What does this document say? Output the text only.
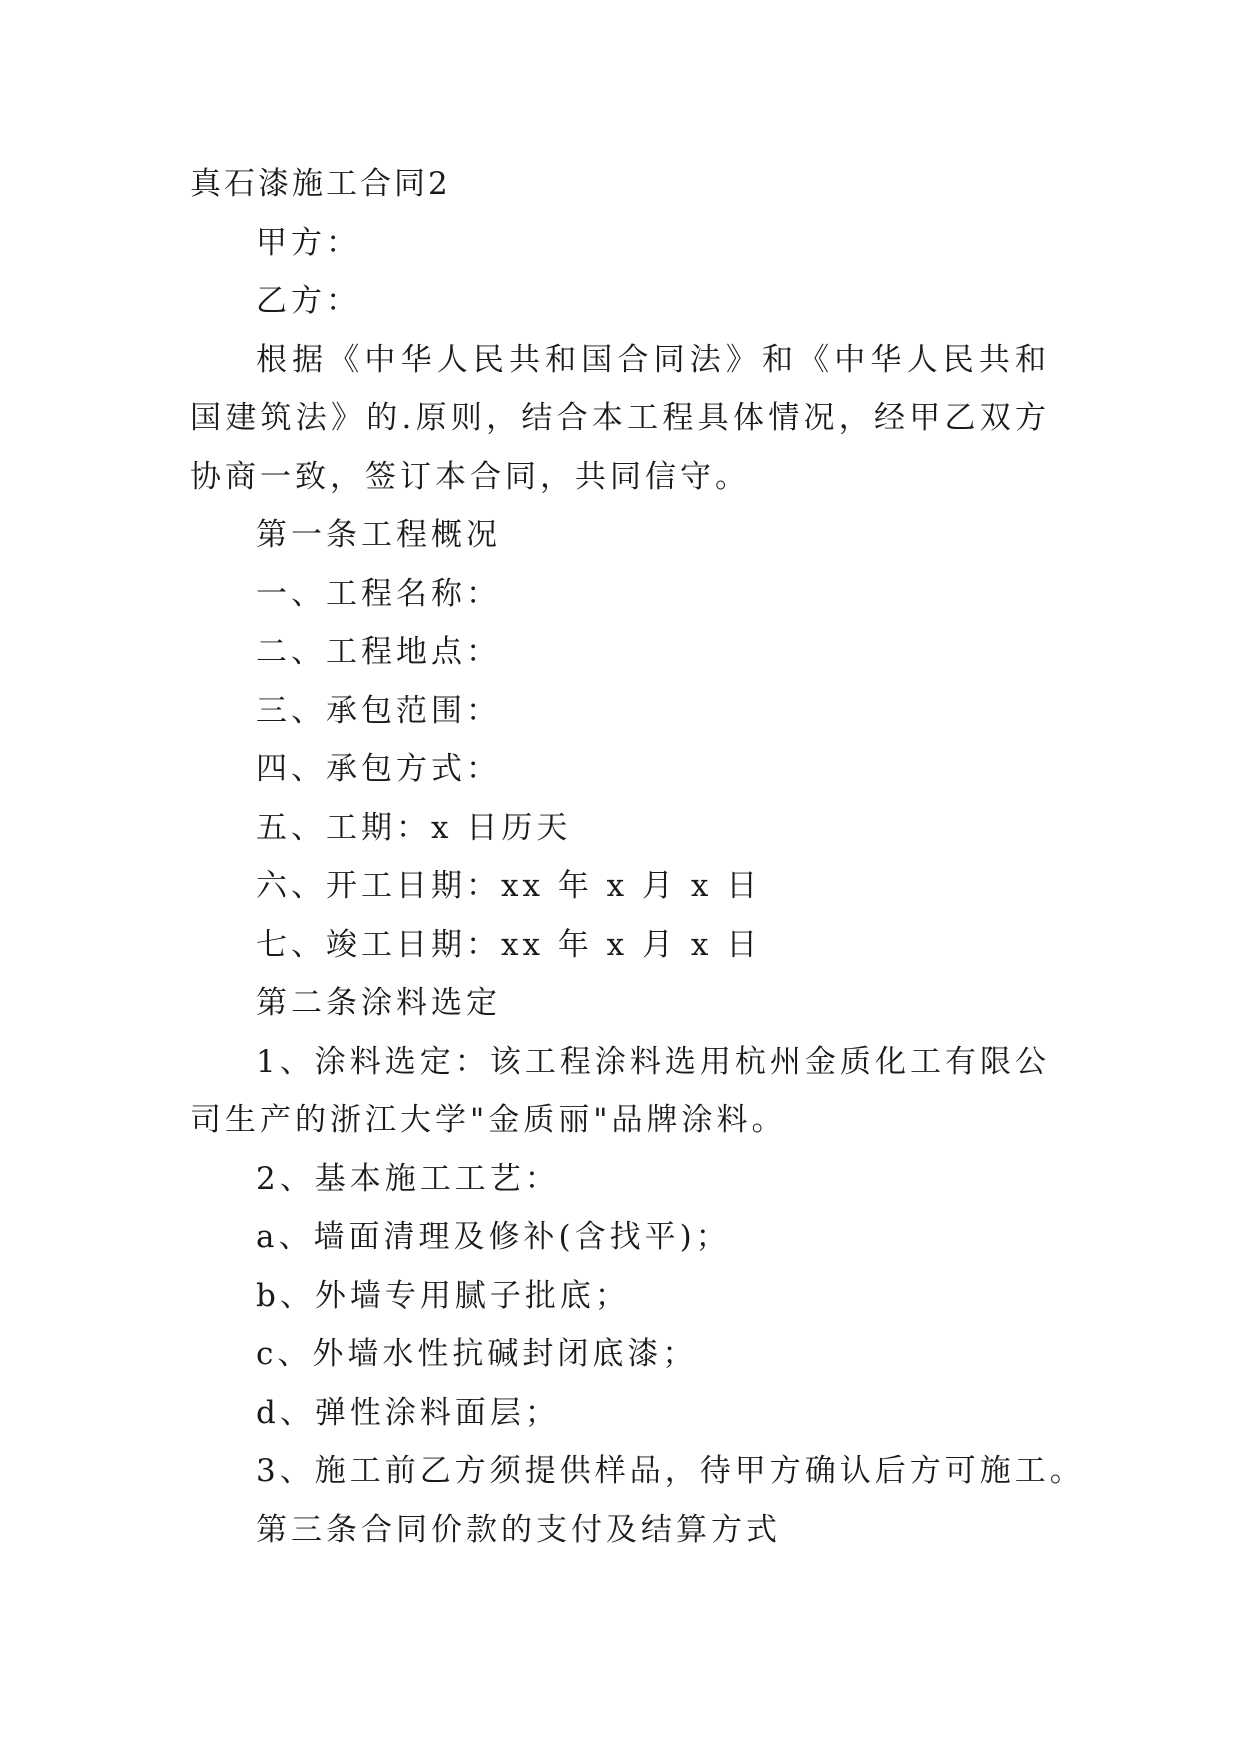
真石漆施工合同2

甲方：

乙方：

根据《中华人民共和国合同法》和《中华人民共和国建筑法》的.原则，结合本工程具体情况，经甲乙双方协商一致，签订本合同，共同信守。

第一条工程概况

一、工程名称：

二、工程地点：

三、承包范围：

四、承包方式：

五、工期：x 日历天

六、开工日期：xx 年 x 月 x 日

七、竣工日期：xx 年 x 月 x 日

第二条涂料选定

1、涂料选定：该工程涂料选用杭州金质化工有限公司生产的浙江大学"金质丽"品牌涂料。

2、基本施工工艺：

a、墙面清理及修补(含找平)；

b、外墙专用腻子批底；

c、外墙水性抗碱封闭底漆；

d、弹性涂料面层；

3、施工前乙方须提供样品，待甲方确认后方可施工。

第三条合同价款的支付及结算方式
